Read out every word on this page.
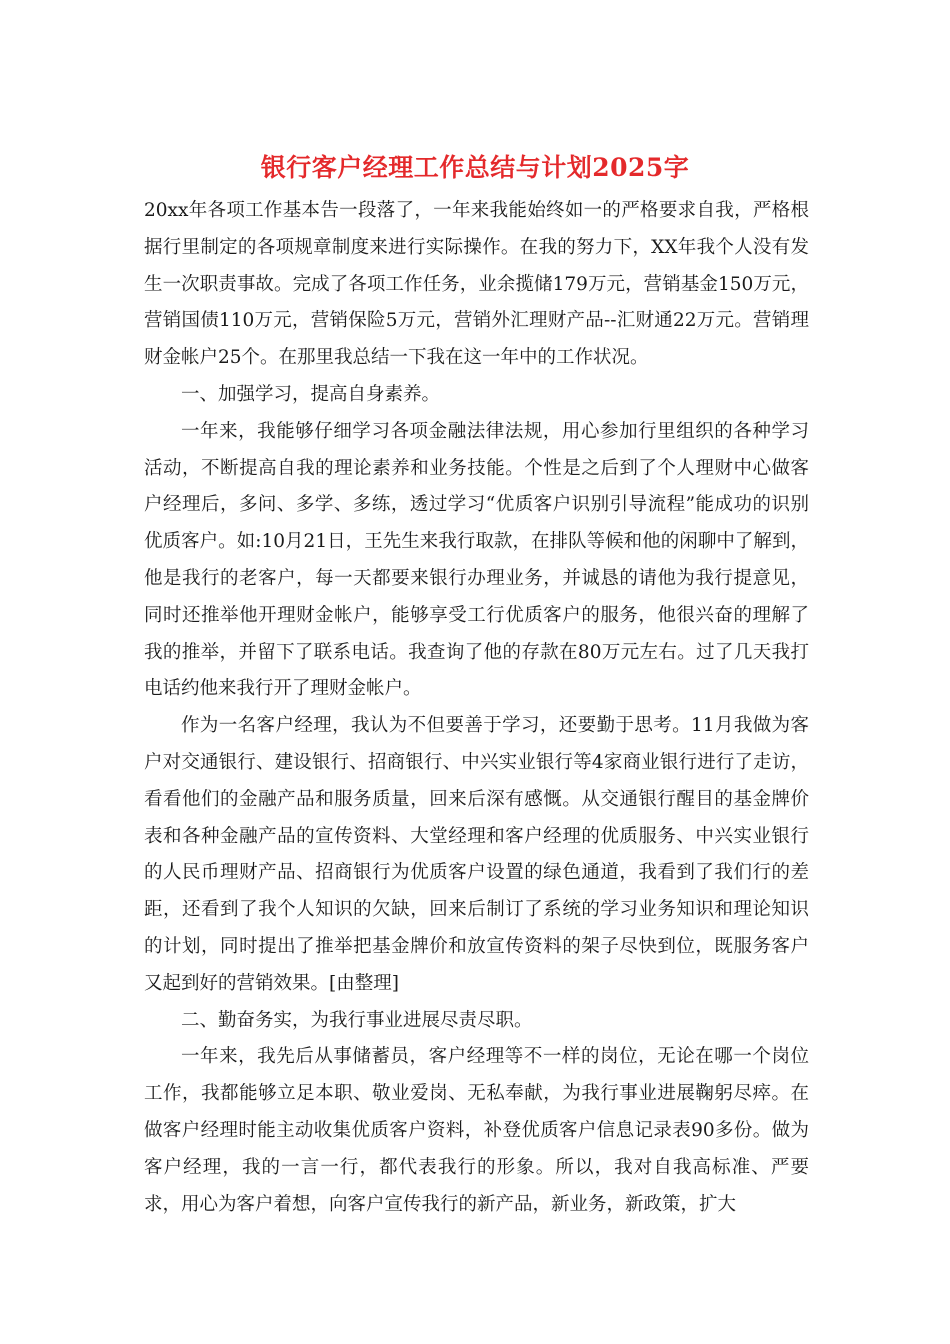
银行客户经理工作总结与计划2025字

20xx年各项工作基本告一段落了，一年来我能始终如一的严格要求自我，严格根据行里制定的各项规章制度来进行实际操作。在我的努力下，XX年我个人没有发生一次职责事故。完成了各项工作任务，业余揽储179万元，营销基金150万元，营销国债110万元，营销保险5万元，营销外汇理财产品--汇财通22万元。营销理财金帐户25个。在那里我总结一下我在这一年中的工作状况。

一、加强学习，提高自身素养。

一年来，我能够仔细学习各项金融法律法规，用心参加行里组织的各种学习活动，不断提高自我的理论素养和业务技能。个性是之后到了个人理财中心做客户经理后，多问、多学、多练，透过学习“优质客户识别引导流程”能成功的识别优质客户。如:10月21日，王先生来我行取款，在排队等候和他的闲聊中了解到，他是我行的老客户，每一天都要来银行办理业务，并诚恳的请他为我行提意见，同时还推举他开理财金帐户，能够享受工行优质客户的服务，他很兴奋的理解了我的推举，并留下了联系电话。我查询了他的存款在80万元左右。过了几天我打电话约他来我行开了理财金帐户。

作为一名客户经理，我认为不但要善于学习，还要勤于思考。11月我做为客户对交通银行、建设银行、招商银行、中兴实业银行等4家商业银行进行了走访，看看他们的金融产品和服务质量，回来后深有感慨。从交通银行醒目的基金牌价表和各种金融产品的宣传资料、大堂经理和客户经理的优质服务、中兴实业银行的人民币理财产品、招商银行为优质客户设置的绿色通道，我看到了我们行的差距，还看到了我个人知识的欠缺，回来后制订了系统的学习业务知识和理论知识的计划，同时提出了推举把基金牌价和放宣传资料的架子尽快到位，既服务客户又起到好的营销效果。[由整理]

二、勤奋务实，为我行事业进展尽责尽职。

一年来，我先后从事储蓄员，客户经理等不一样的岗位，无论在哪一个岗位工作，我都能够立足本职、敬业爱岗、无私奉献，为我行事业进展鞠躬尽瘁。在做客户经理时能主动收集优质客户资料，补登优质客户信息记录表90多份。做为客户经理，我的一言一行，都代表我行的形象。所以，我对自我高标准、严要求，用心为客户着想，向客户宣传我行的新产品，新业务，新政策，扩大
